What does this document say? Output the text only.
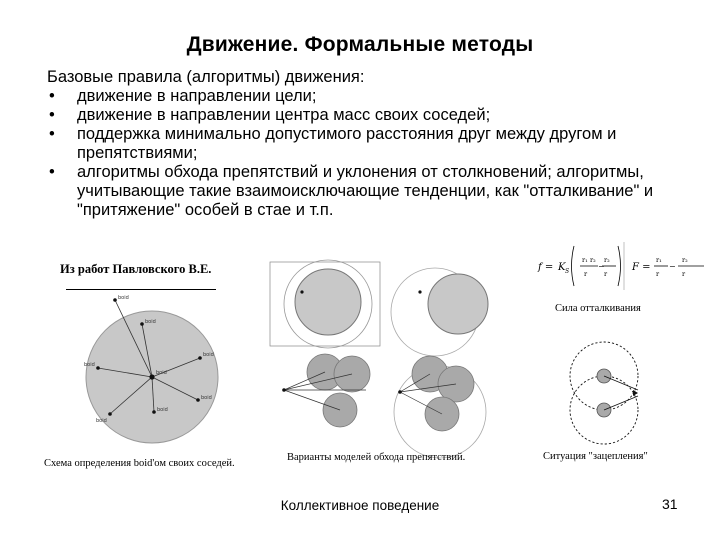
Движение. Формальные методы
Базовые правила (алгоритмы) движения:
• движение в направлении цели;
• движение в направлении центра масс своих соседей;
• поддержка минимально допустимого расстояния друг между другом и препятствиями;
• алгоритмы обхода препятствий и уклонения от столкновений; алгоритмы, учитывающие такие взаимоисключающие тенденции, как "отталкивание" и "притяжение" особей в стае и т.п.
Из работ Павловского В.Е.
boid
boid
boid
boid
boid
boid
boid
boid
Схема определения boid'ом своих соседей.
Варианты моделей обхода препятствий.
f = K S
r₁ r₂
r
r₂
r
−	F =
r₁
r
−
r₂
r
Сила отталкивания
Ситуация "зацепления"
Коллективное поведение	31
